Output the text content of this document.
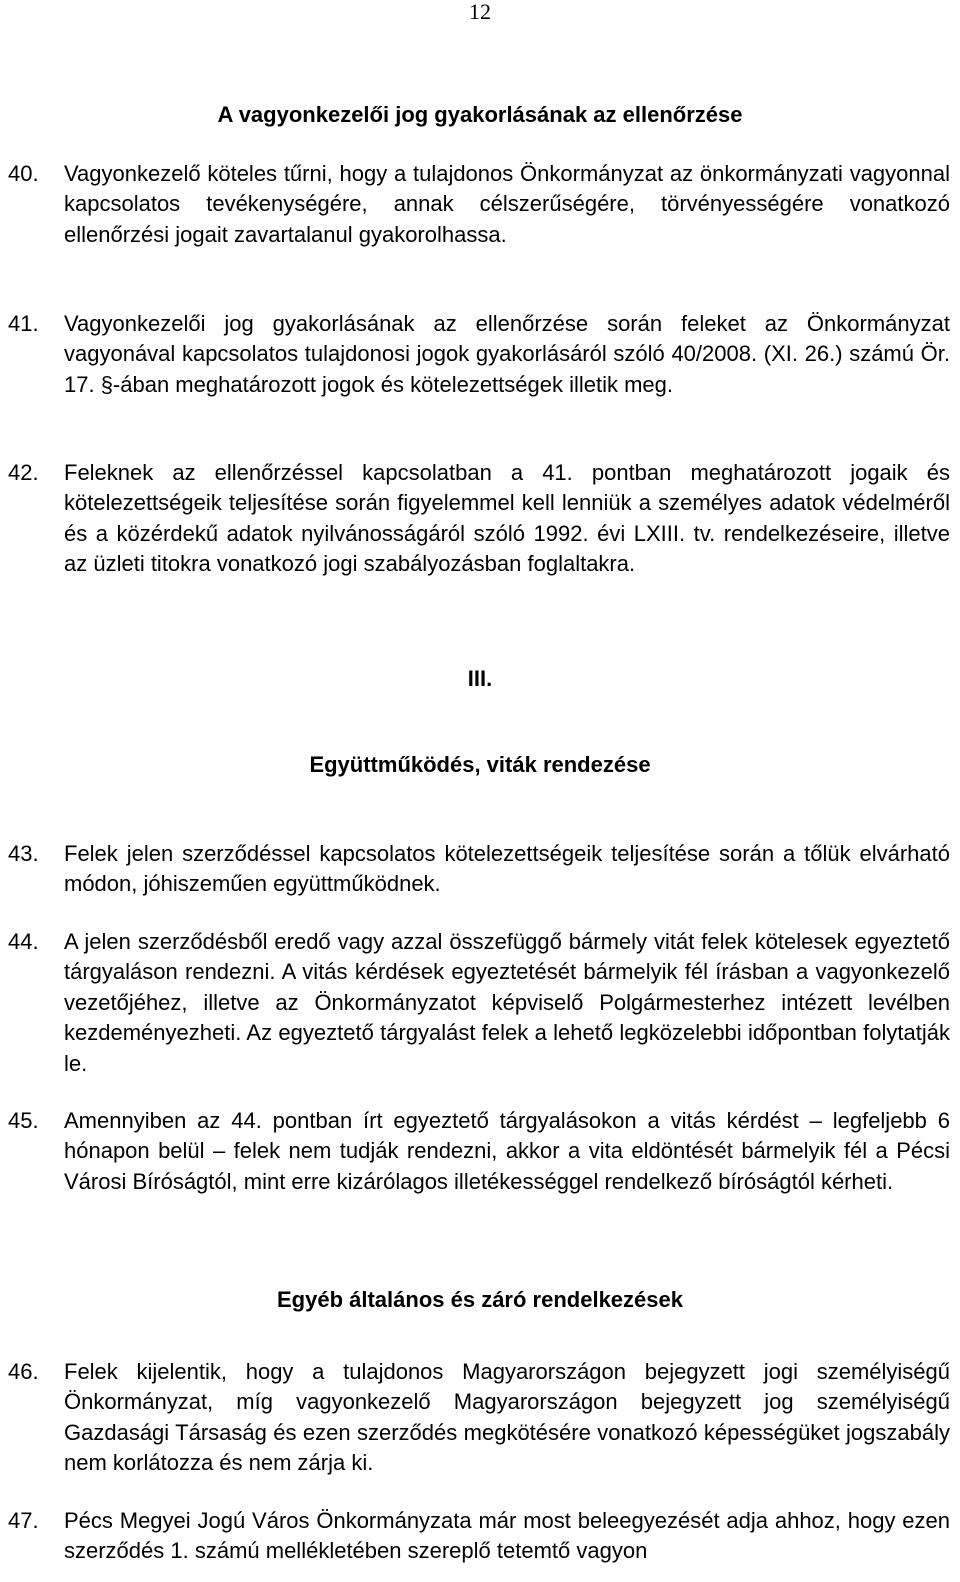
12
A vagyonkezelői jog gyakorlásának az ellenőrzése
40. Vagyonkezelő köteles tűrni, hogy a tulajdonos Önkormányzat az önkormányzati vagyonnal kapcsolatos tevékenységére, annak célszerűségére, törvényességére vonatkozó ellenőrzési jogait zavartalanul gyakorolhassa.
41. Vagyonkezelői jog gyakorlásának az ellenőrzése során feleket az Önkormányzat vagyonával kapcsolatos tulajdonosi jogok gyakorlásáról szóló 40/2008. (XI. 26.) számú Ör. 17. §-ában meghatározott jogok és kötelezettségek illetik meg.
42. Feleknek az ellenőrzéssel kapcsolatban a 41. pontban meghatározott jogaik és kötelezettségeik teljesítése során figyelemmel kell lenniük a személyes adatok védelméről és a közérdekű adatok nyilvánosságáról szóló 1992. évi LXIII. tv. rendelkezéseire, illetve az üzleti titokra vonatkozó jogi szabályozásban foglaltakra.
III.
Együttműködés, viták rendezése
43. Felek jelen szerződéssel kapcsolatos kötelezettségeik teljesítése során a tőlük elvárható módon, jóhiszeműen együttműködnek.
44. A jelen szerződésből eredő vagy azzal összefüggő bármely vitát felek kötelesek egyeztető tárgyaláson rendezni. A vitás kérdések egyeztetését bármelyik fél írásban a vagyonkezelő vezetőjéhez, illetve az Önkormányzatot képviselő Polgármesterhez intézett levélben kezdeményezheti. Az egyeztető tárgyalást felek a lehető legközelebbi időpontban folytatják le.
45. Amennyiben az 44. pontban írt egyeztető tárgyalásokon a vitás kérdést – legfeljebb 6 hónapon belül – felek nem tudják rendezni, akkor a vita eldöntését bármelyik fél a Pécsi Városi Bíróságtól, mint erre kizárólagos illetékességgel rendelkező bíróságtól kérheti.
Egyéb általános és záró rendelkezések
46. Felek kijelentik, hogy a tulajdonos Magyarországon bejegyzett jogi személyiségű Önkormányzat, míg vagyonkezelő Magyarországon bejegyzett jog személyiségű Gazdasági Társaság és ezen szerződés megkötésére vonatkozó képességüket jogszabály nem korlátozza és nem zárja ki.
47. Pécs Megyei Jogú Város Önkormányzata már most beleegyezését adja ahhoz, hogy ezen szerződés 1. számú mellékletében szereplő tetemtő vagyon
